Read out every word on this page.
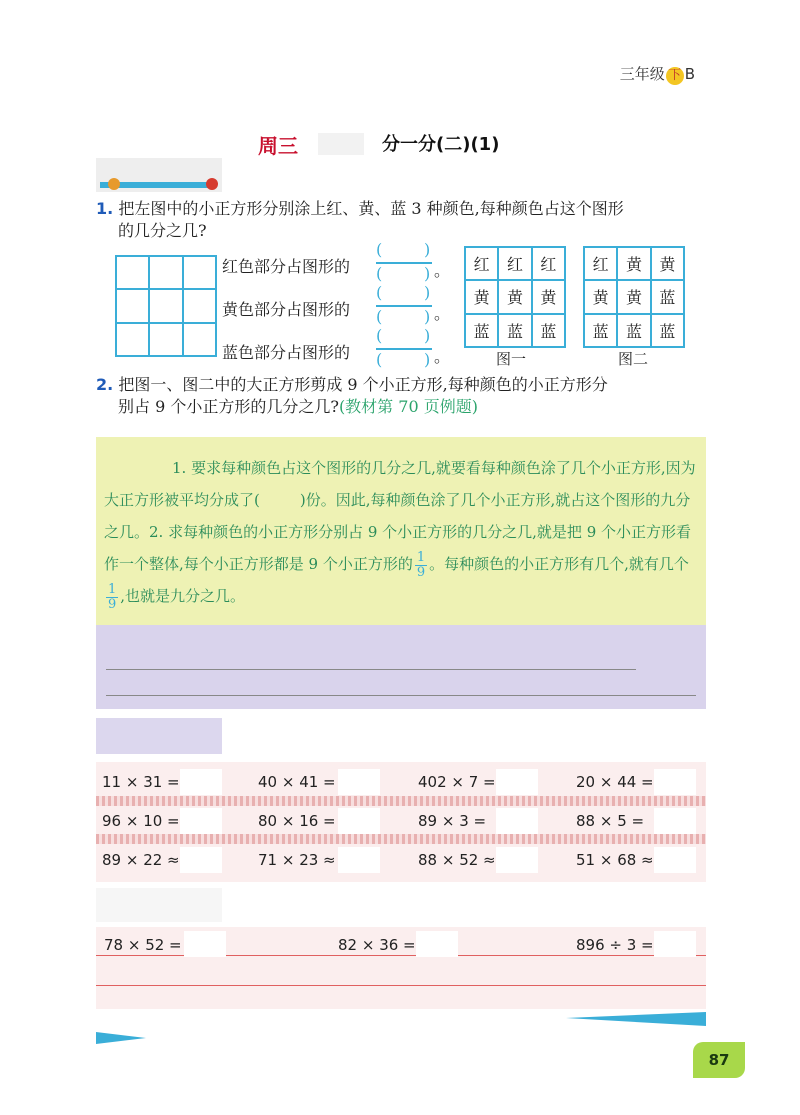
三年级 下 B
周三	分一分(二)(1)
1. 把左图中的小正方形分别涂上红、黄、蓝 3 种颜色,每种颜色占这个图形
的几分之几?
红色部分占图形的
(	)
(	) 。
黄色部分占图形的
(	)
(	) 。
蓝色部分占图形的
(	)
(	) 。
红	红	红
黄	黄	黄
蓝	蓝	蓝
图一
红	黄	黄
黄	黄	蓝
蓝	蓝	蓝
图二
2. 把图一、图二中的大正方形剪成 9 个小正方形,每种颜色的小正方形分
别占 9 个小正方形的几分之几?(教材第 70 页例题)
1. 要求每种颜色占这个图形的几分之几,就要看每种颜色涂了几个小正方形,因为大正方形被平均分成了(	)份。因此,每种颜色涂了几个小正方形,就占这个图形的九分之几。2. 求每种颜色的小正方形分别占 9 个小正方形的几分之几,就是把 9 个小正方形看作一个整体,每个小正方形都是 9 个小正方形的 $\frac{1}{9}$ 。每种颜色的小正方形有几个,就有几个
$\frac{1}{9}$ ,也就是九分之几。
11 × 31 =	40 × 41 =	402 × 7 =	20 × 44 =
96 × 10 =	80 × 16 =	89 × 3 =	88 × 5 =
89 × 22 ≈	71 × 23 ≈	88 × 52 ≈	51 × 68 ≈
78 × 52 =	82 × 36 =	896 ÷ 3 =
87
